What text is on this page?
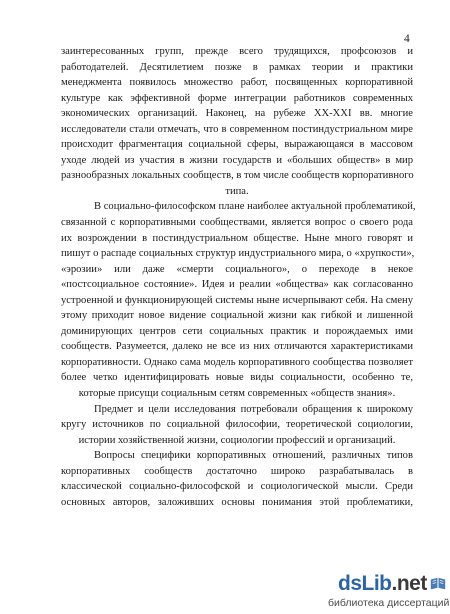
4
заинтересованных групп, прежде всего трудящихся, профсоюзов и
работодателей. Десятилетием позже в рамках теории и практики
менеджмента появилось множество работ, посвященных корпоративной
культуре как эффективной форме интеграции работников современных
экономических организаций. Наконец, на рубеже XX-XXI вв. многие
исследователи стали отмечать, что в современном постиндустриальном мире
происходит фрагментация социальной сферы, выражающаяся в массовом
уходе людей из участия в жизни государств и «больших обществ» в мир
разнообразных локальных сообществ, в том числе сообществ корпоративного
типа.
В социально-философском плане наиболее актуальной проблематикой,
связанной с корпоративными сообществами, является вопрос о своего рода
их возрождении в постиндустриальном обществе. Ныне много говорят и
пишут о распаде социальных структур индустриального мира, о «хрупкости»,
«эрозии» или даже «смерти социального», о переходе в некое
«постсоциальное состояние». Идея и реалии «общества» как согласованно
устроенной и функционирующей системы ныне исчерпывают себя. На смену
этому приходит новое видение социальной жизни как гибкой и лишенной
доминирующих центров сети социальных практик и порождаемых ими
сообществ. Разумеется, далеко не все из них отличаются характеристиками
корпоративности. Однако сама модель корпоративного сообщества позволяет
более четко идентифицировать новые виды социальности, особенно те,
которые присущи социальным сетям современных «обществ знания».
Предмет и цели исследования потребовали обращения к широкому
кругу источников по социальной философии, теоретической социологии,
истории хозяйственной жизни, социологии профессий и организаций.
Вопросы специфики корпоративных отношений, различных типов
корпоративных сообществ достаточно широко разрабатывалась в
классической социально-философской и социологической мысли. Среди
основных авторов, заложивших основы понимания этой проблематики,
dsLib.net
библиотека диссертаций
